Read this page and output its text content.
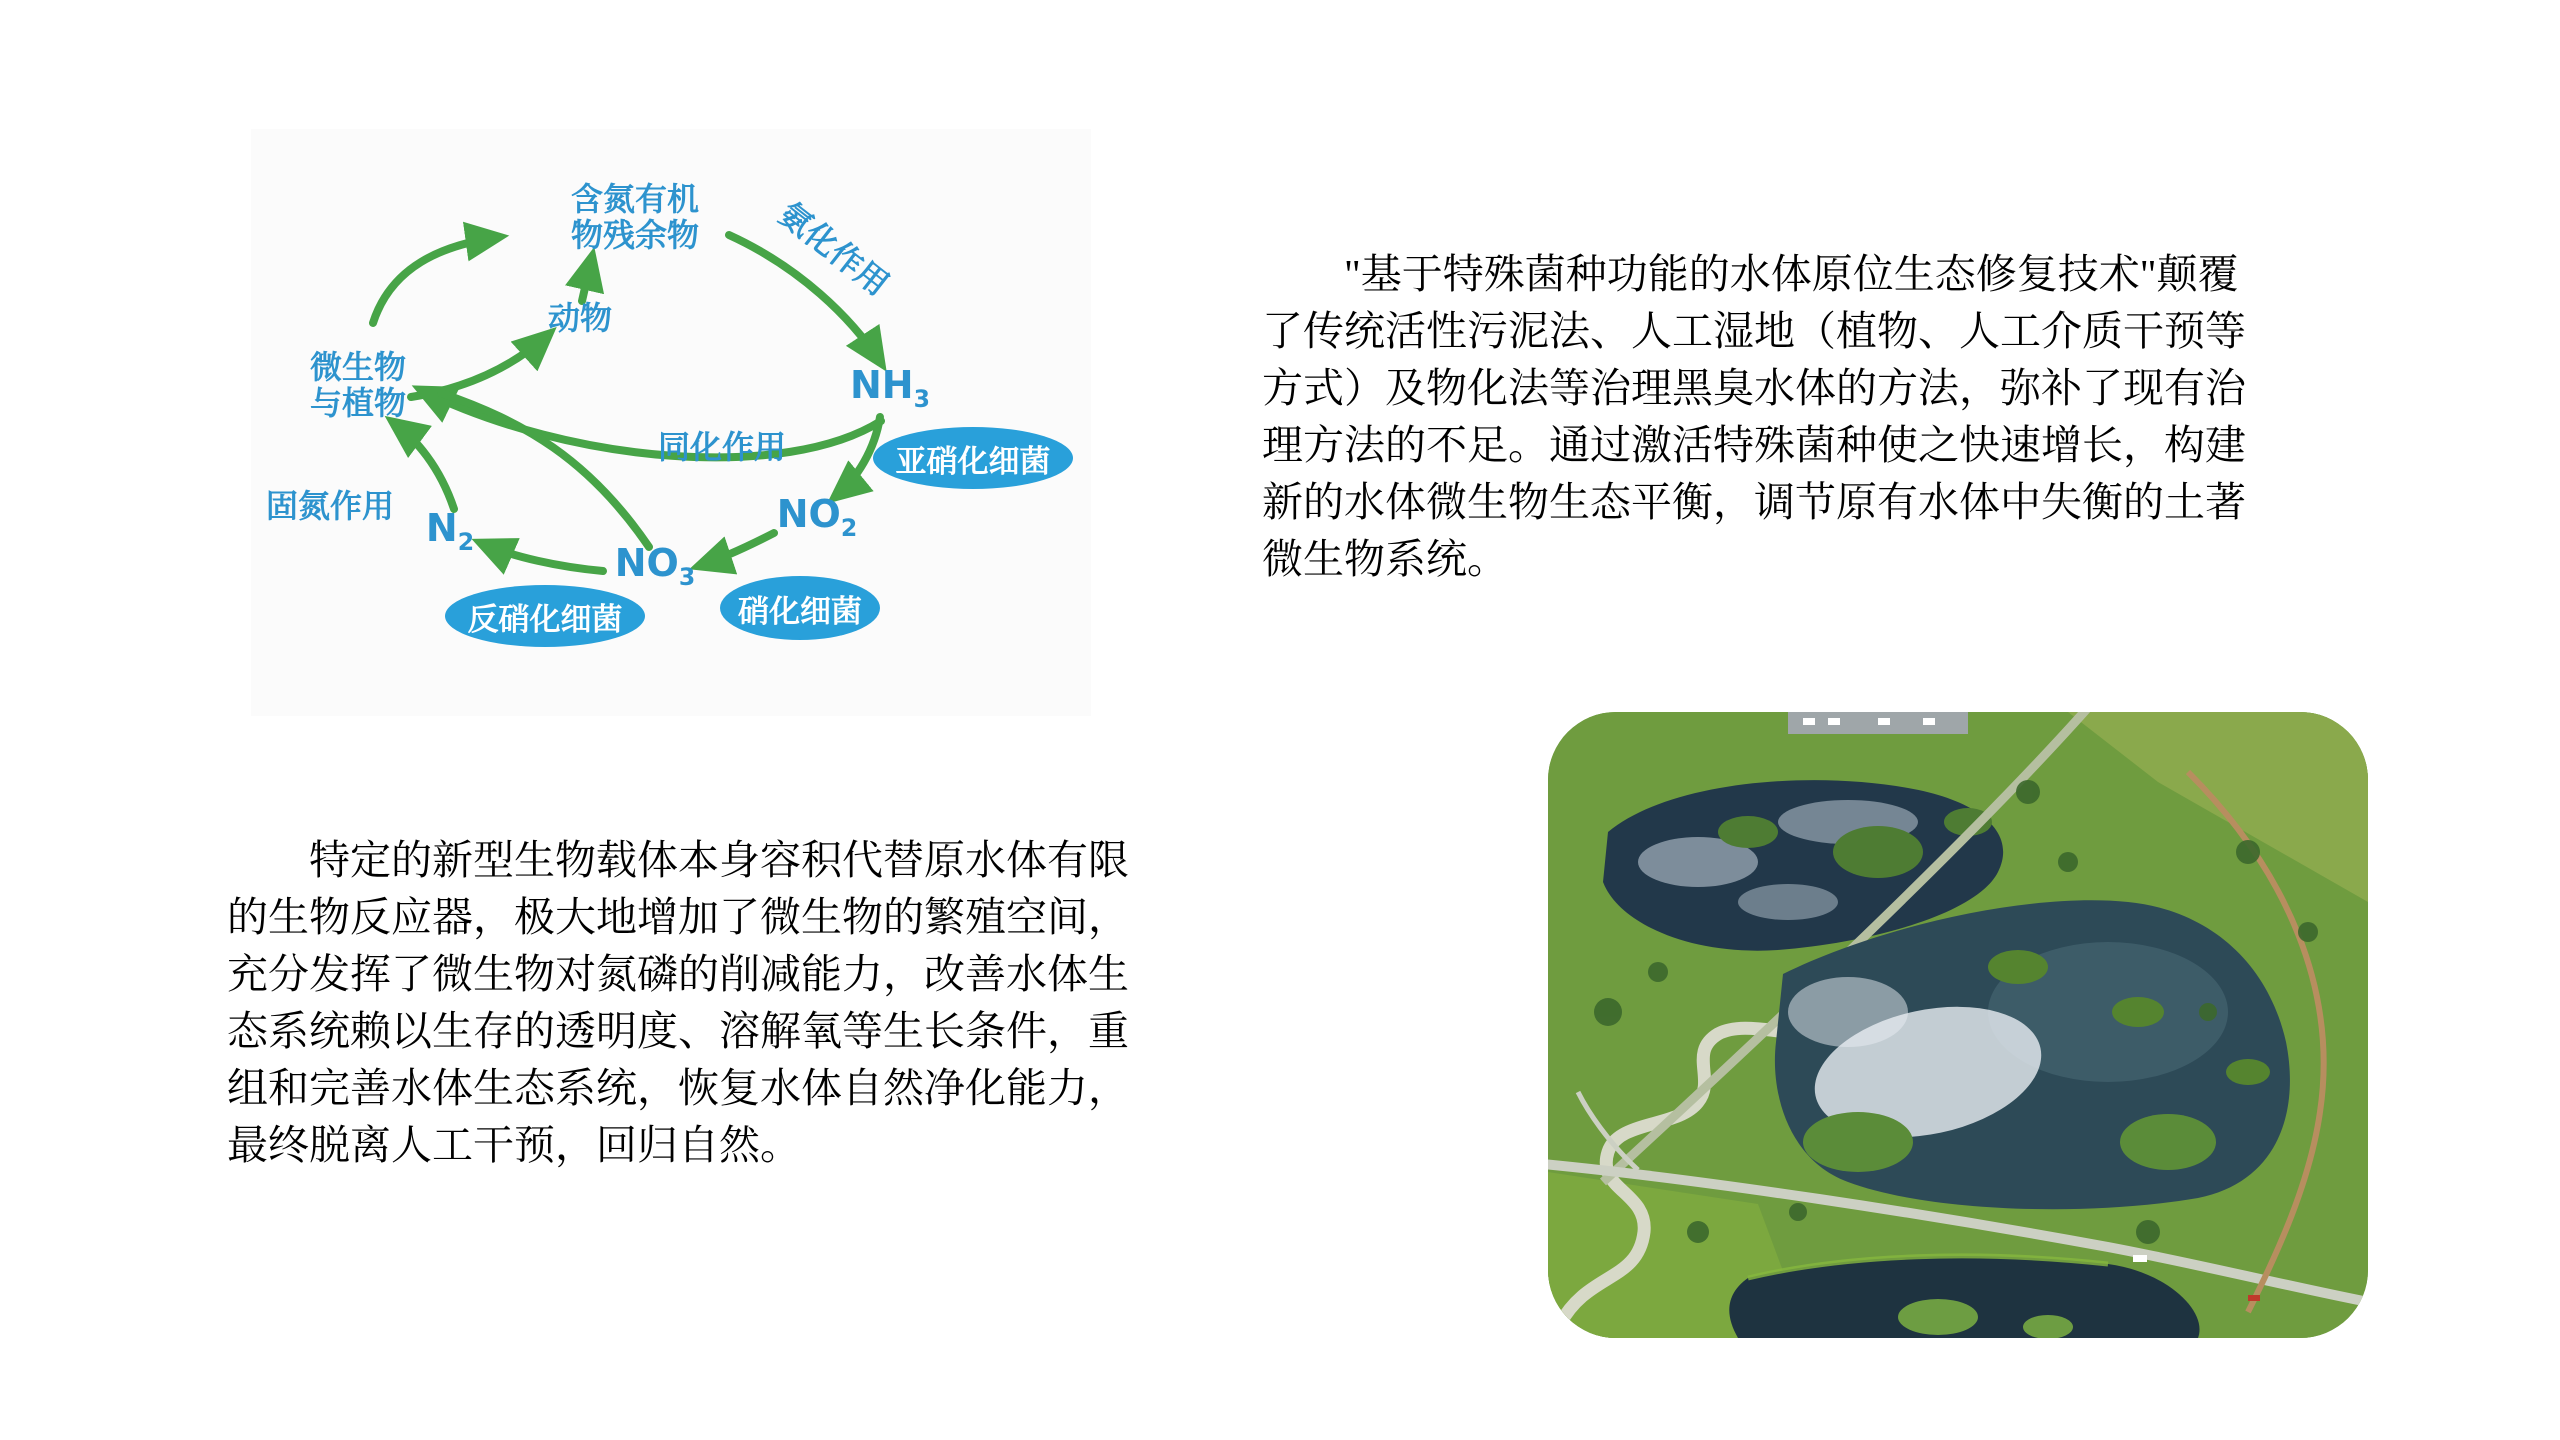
含氮有机
物残余物
动物
微生物
与植物
氨化作用
$NH_3$
同化作用
$NO_2$
$NO_3$
$N_2$
固氮作用
亚硝化细菌
硝化细菌
反硝化细菌

"基于特殊菌种功能的水体原位生态修复技术"颠覆

了传统活性污泥法、人工湿地（植物、人工介质干预等

方式）及物化法等治理黑臭水体的方法，弥补了现有治

理方法的不足。通过激活特殊菌种使之快速增长，构建

新的水体微生物生态平衡，调节原有水体中失衡的土著

微生物系统。

特定的新型生物载体本身容积代替原水体有限

的生物反应器，极大地增加了微生物的繁殖空间，

充分发挥了微生物对氮磷的削减能力，改善水体生

态系统赖以生存的透明度、溶解氧等生长条件，重

组和完善水体生态系统，恢复水体自然净化能力，

最终脱离人工干预，回归自然。
